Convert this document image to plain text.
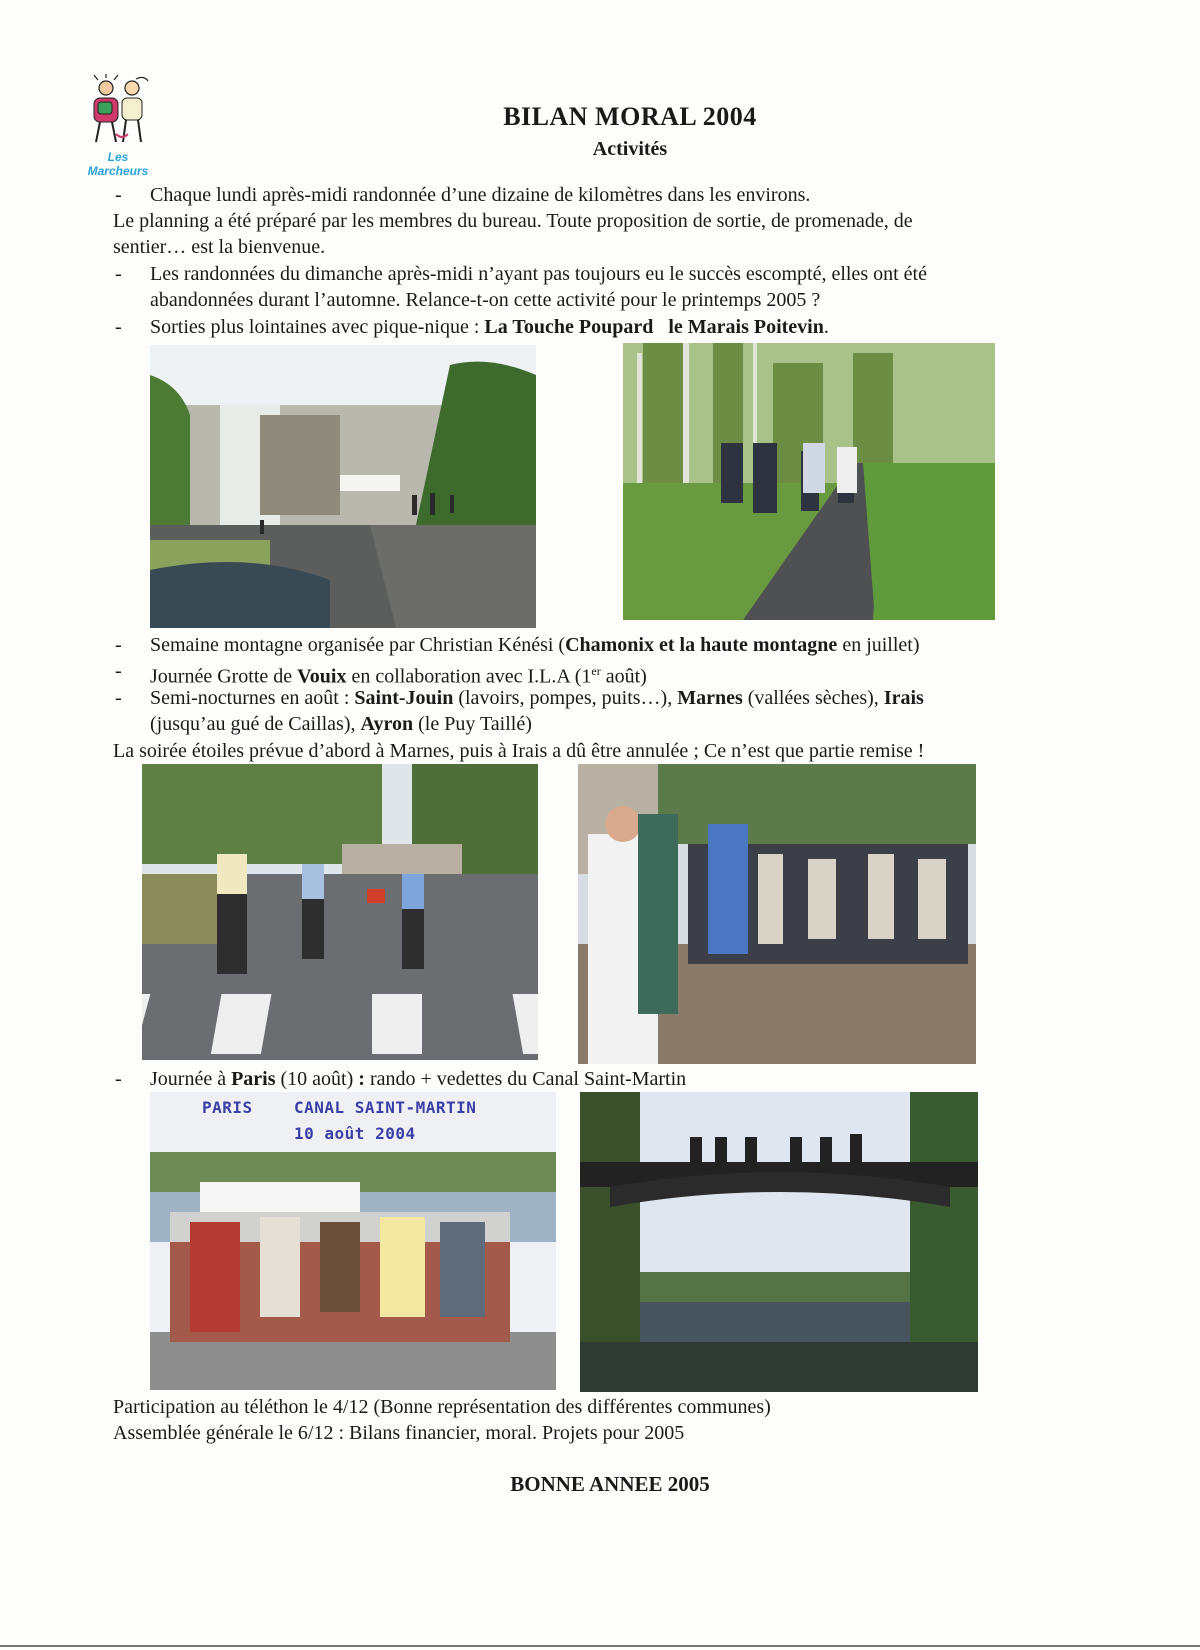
Les Marcheurs
BILAN MORAL 2004
Activités
- Chaque lundi après-midi randonnée d’une dizaine de kilomètres dans les environs.
Le planning a été préparé par les membres du bureau. Toute proposition de sortie, de promenade, de
sentier… est la bienvenue.
- Les randonnées du dimanche après-midi n’ayant pas toujours eu le succès escompté, elles ont été
abandonnées durant l’automne. Relance-t-on cette activité pour le printemps 2005 ?
- Sorties plus lointaines avec pique-nique : La Touche Poupard le Marais Poitevin.
- Semaine montagne organisée par Christian Kénési (Chamonix et la haute montagne en juillet)
- Journée Grotte de Vouix en collaboration avec I.L.A (1er août)
- Semi-nocturnes en août : Saint-Jouin (lavoirs, pompes, puits…), Marnes (vallées sèches), Irais
(jusqu’au gué de Caillas), Ayron (le Puy Taillé)
La soirée étoiles prévue d’abord à Marnes, puis à Irais a dû être annulée ; Ce n’est que partie remise !
- Journée à Paris (10 août) : rando + vedettes du Canal Saint-Martin
PARIS	CANAL SAINT-MARTIN
10 août 2004
Participation au téléthon le 4/12 (Bonne représentation des différentes communes)
Assemblée générale le 6/12 : Bilans financier, moral. Projets pour 2005
BONNE ANNEE 2005
